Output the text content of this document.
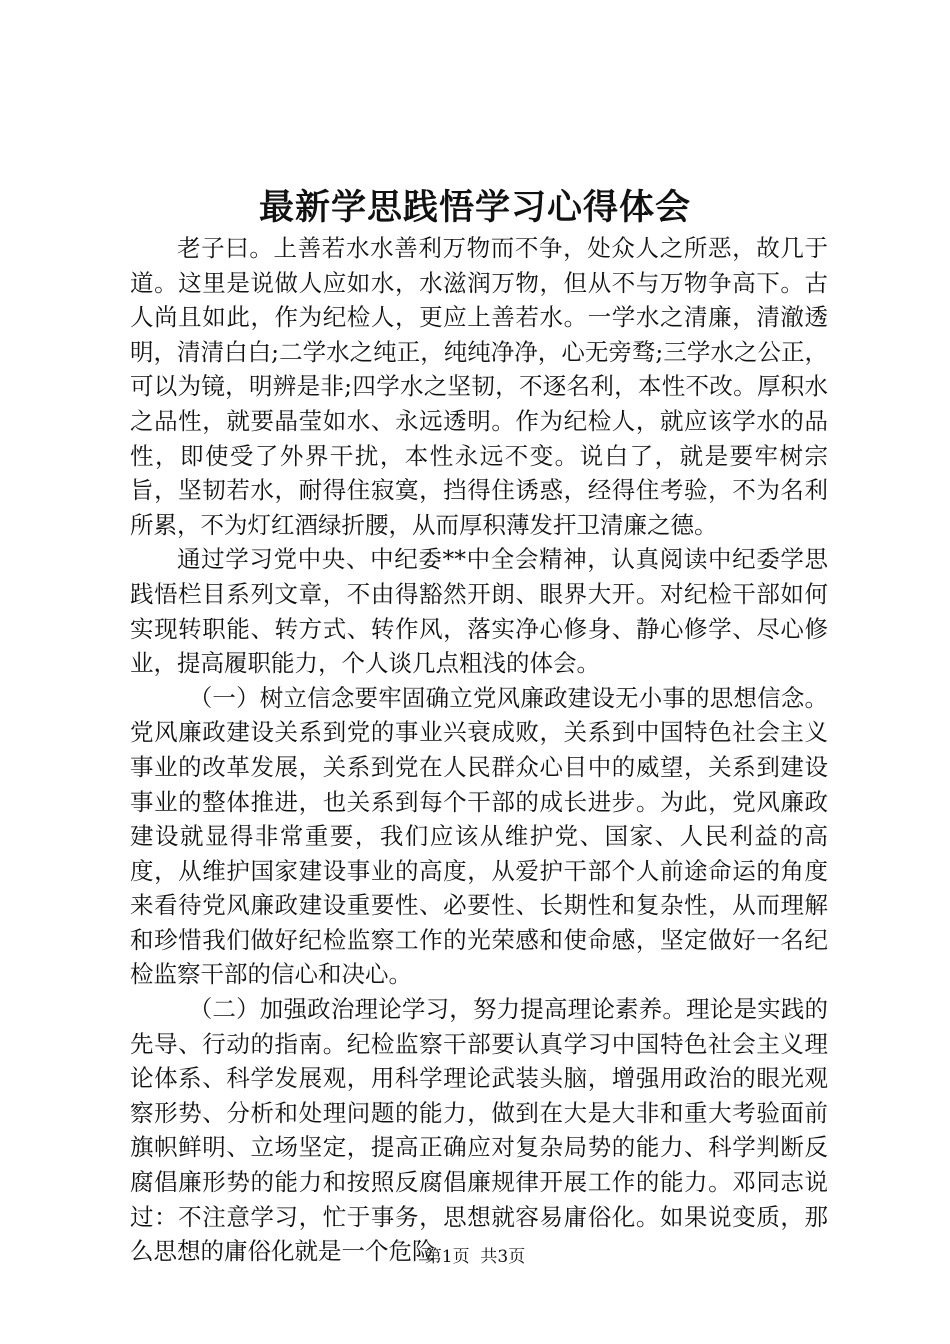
最新学思践悟学习心得体会

老子曰。上善若水水善利万物而不争，处众人之所恶，故几于道。这里是说做人应如水，水滋润万物，但从不与万物争高下。古人尚且如此，作为纪检人，更应上善若水。一学水之清廉，清澈透明，清清白白;二学水之纯正，纯纯净净，心无旁骛;三学水之公正，可以为镜，明辨是非;四学水之坚韧，不逐名利，本性不改。厚积水之品性，就要晶莹如水、永远透明。作为纪检人，就应该学水的品性，即使受了外界干扰，本性永远不变。说白了，就是要牢树宗旨，坚韧若水，耐得住寂寞，挡得住诱惑，经得住考验，不为名利所累，不为灯红酒绿折腰，从而厚积薄发扞卫清廉之德。

通过学习党中央、中纪委**中全会精神，认真阅读中纪委学思践悟栏目系列文章，不由得豁然开朗、眼界大开。对纪检干部如何实现转职能、转方式、转作风，落实净心修身、静心修学、尽心修业，提高履职能力，个人谈几点粗浅的体会。

（一）树立信念要牢固确立党风廉政建设无小事的思想信念。党风廉政建设关系到党的事业兴衰成败，关系到中国特色社会主义事业的改革发展，关系到党在人民群众心目中的威望，关系到建设事业的整体推进，也关系到每个干部的成长进步。为此，党风廉政建设就显得非常重要，我们应该从维护党、国家、人民利益的高度，从维护国家建设事业的高度，从爱护干部个人前途命运的角度来看待党风廉政建设重要性、必要性、长期性和复杂性，从而理解和珍惜我们做好纪检监察工作的光荣感和使命感，坚定做好一名纪检监察干部的信心和决心。

（二）加强政治理论学习，努力提高理论素养。理论是实践的先导、行动的指南。纪检监察干部要认真学习中国特色社会主义理论体系、科学发展观，用科学理论武装头脑，增强用政治的眼光观察形势、分析和处理问题的能力，做到在大是大非和重大考验面前旗帜鲜明、立场坚定，提高正确应对复杂局势的能力、科学判断反腐倡廉形势的能力和按照反腐倡廉规律开展工作的能力。邓同志说过：不注意学习，忙于事务，思想就容易庸俗化。如果说变质，那么思想的庸俗化就是一个危险

第1页  共3页
